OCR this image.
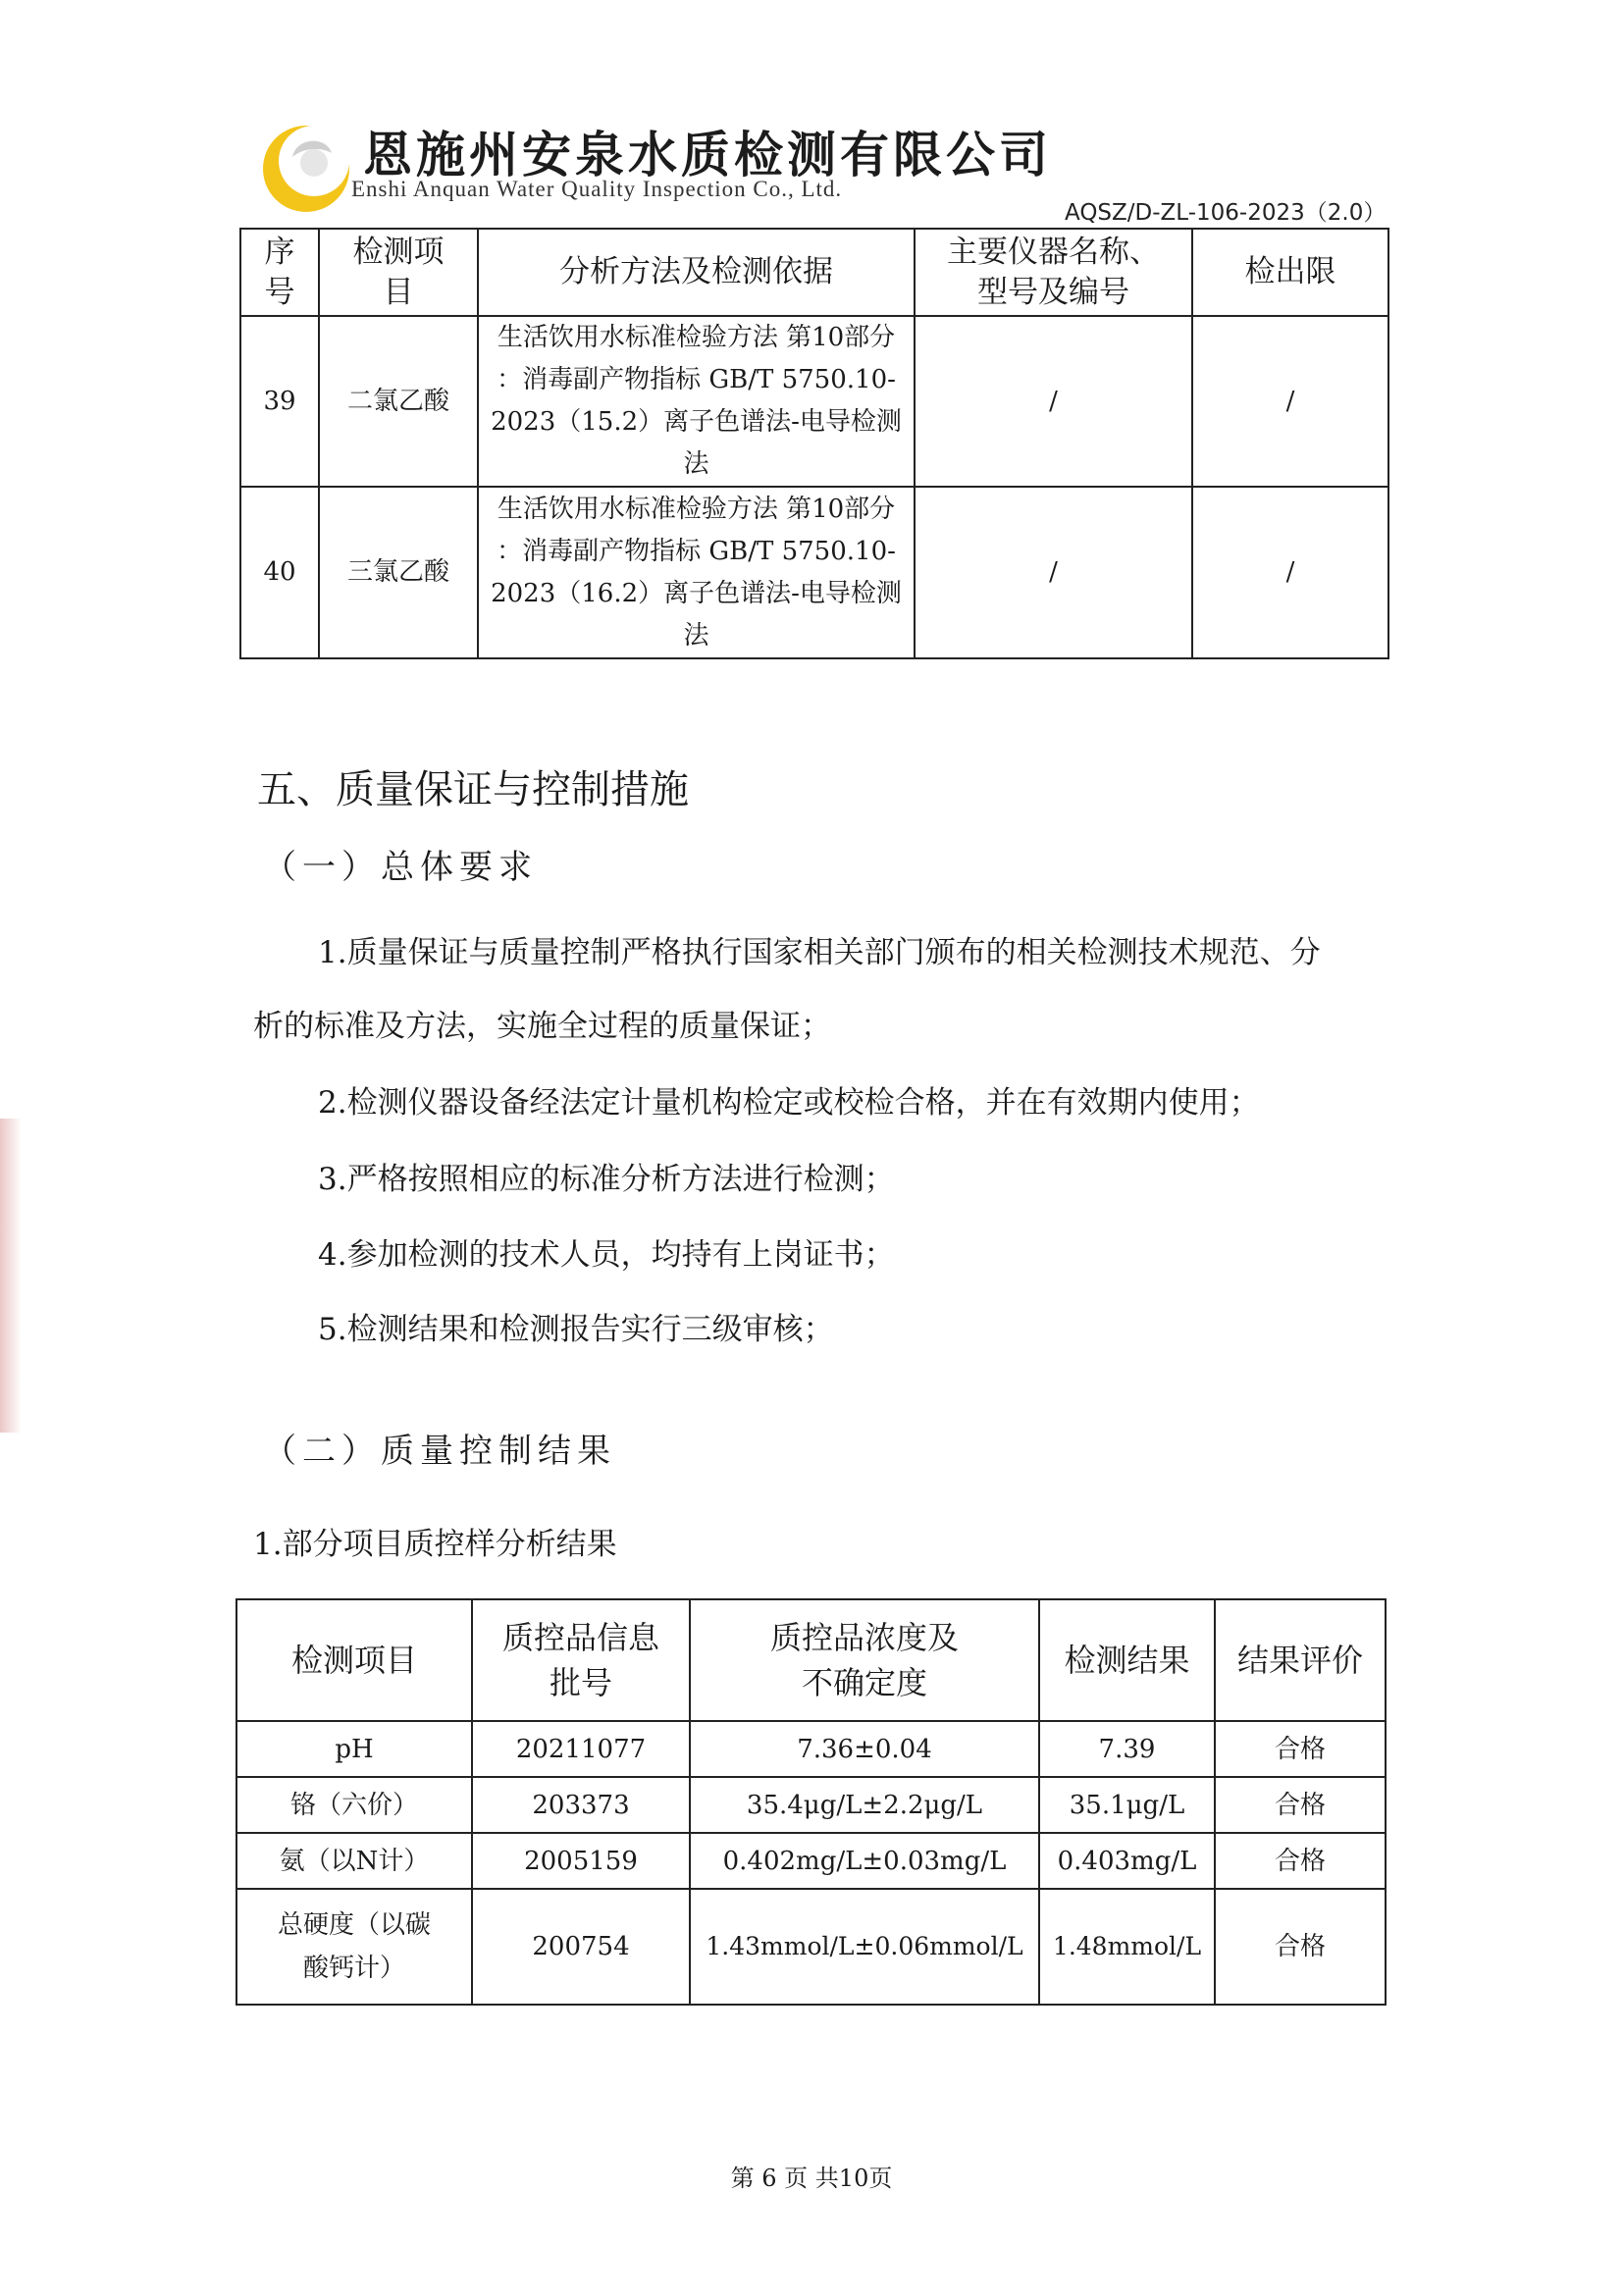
恩施州安泉水质检测有限公司
Enshi Anquan Water Quality Inspection Co., Ltd.
AQSZ/D-ZL-106-2023（2.0）
序号	检测项目	分析方法及检测依据	主要仪器名称、型号及编号	检出限
39	二氯乙酸	生活饮用水标准检验方法 第10部分 ：消毒副产物指标 GB/T 5750.10-2023（15.2）离子色谱法-电导检测法	/	/
40	三氯乙酸	生活饮用水标准检验方法 第10部分 ：消毒副产物指标 GB/T 5750.10-2023（16.2）离子色谱法-电导检测法	/	/
五、质量保证与控制措施
（一）总体要求
1.质量保证与质量控制严格执行国家相关部门颁布的相关检测技术规范、分
析的标准及方法，实施全过程的质量保证；
2.检测仪器设备经法定计量机构检定或校检合格，并在有效期内使用；
3.严格按照相应的标准分析方法进行检测；
4.参加检测的技术人员，均持有上岗证书；
5.检测结果和检测报告实行三级审核；
（二）质量控制结果
1.部分项目质控样分析结果
检测项目	质控品信息批号	质控品浓度及不确定度	检测结果	结果评价
pH	20211077	7.36±0.04	7.39	合格
铬（六价）	203373	35.4μg/L±2.2μg/L	35.1μg/L	合格
氨（以N计）	2005159	0.402mg/L±0.03mg/L	0.403mg/L	合格
总硬度（以碳酸钙计）	200754	1.43mmol/L±0.06mmol/L	1.48mmol/L	合格
第 6 页 共10页
